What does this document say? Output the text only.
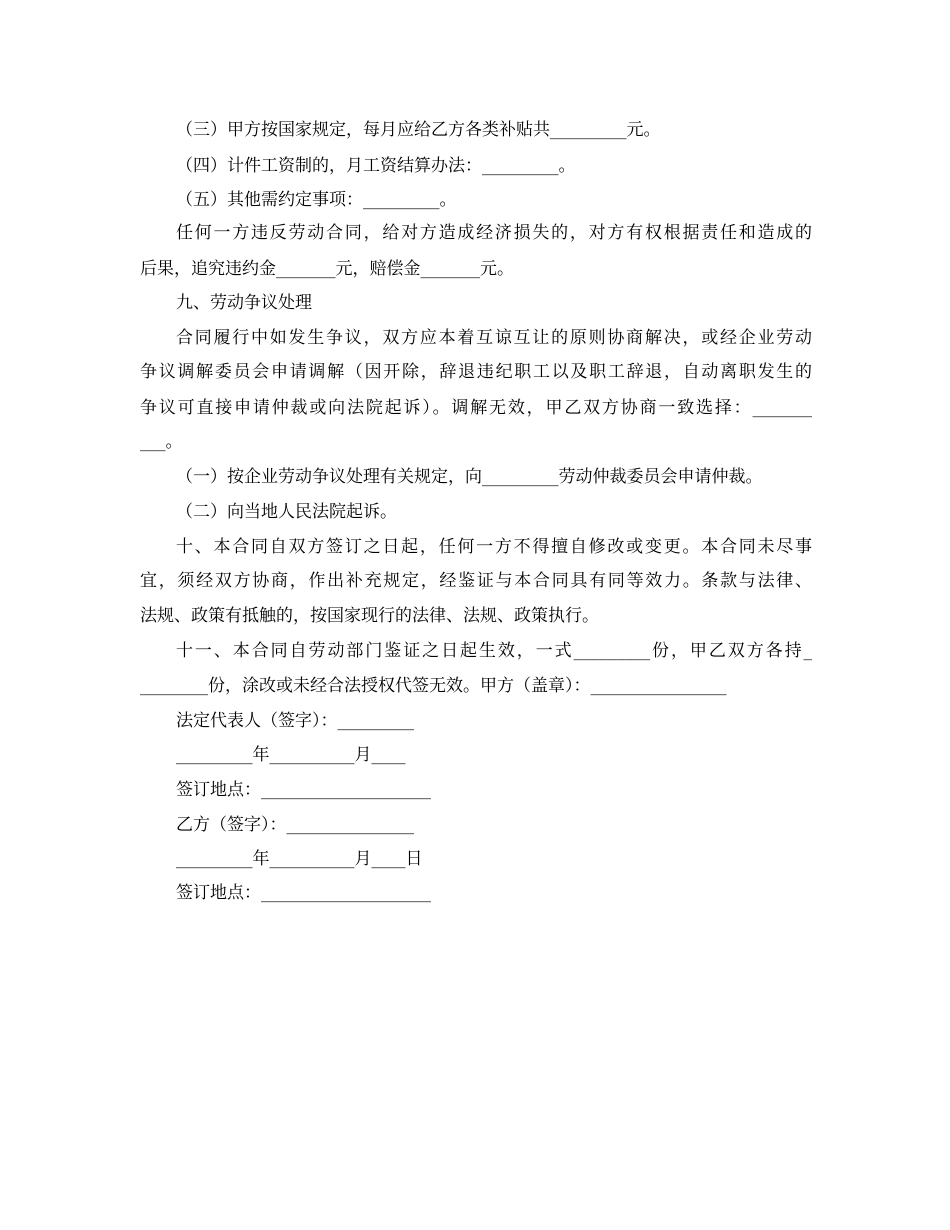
（三）甲方按国家规定，每月应给乙方各类补贴共_________元。
（四）计件工资制的，月工资结算办法：_________。
（五）其他需约定事项：_________。
任何一方违反劳动合同，给对方造成经济损失的，对方有权根据责任和造成的
后果，追究违约金_______元，赔偿金_______元。
九、劳动争议处理
合同履行中如发生争议，双方应本着互谅互让的原则协商解决，或经企业劳动
争议调解委员会申请调解（因开除，辞退违纪职工以及职工辞退，自动离职发生的
争议可直接申请仲裁或向法院起诉）。调解无效，甲乙双方协商一致选择：_______
___。
（一）按企业劳动争议处理有关规定，向_________劳动仲裁委员会申请仲裁。
（二）向当地人民法院起诉。
十、本合同自双方签订之日起，任何一方不得擅自修改或变更。本合同未尽事
宜，须经双方协商，作出补充规定，经鉴证与本合同具有同等效力。条款与法律、
法规、政策有抵触的，按国家现行的法律、法规、政策执行。
十一、本合同自劳动部门鉴证之日起生效，一式_________份，甲乙双方各持_
________份，涂改或未经合法授权代签无效。甲方（盖章）：________________
法定代表人（签字）：_________
_________年__________月____
签订地点：____________________
乙方（签字）：_______________
_________年__________月____日
签订地点：____________________
